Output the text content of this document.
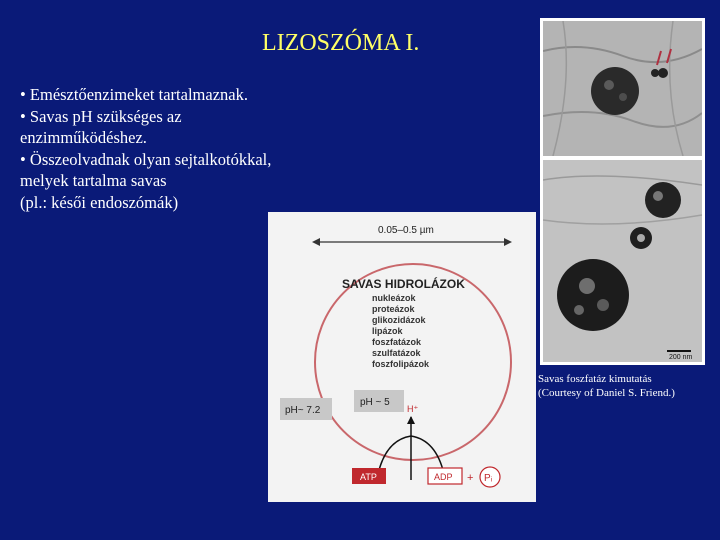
LIZOSZÓMA I.
• Emésztőenzimeket tartalmaznak.
• Savas pH szükséges az
enzimműködéshez.
• Összeolvadnak olyan sejtalkotókkal,
melyek tartalma savas
(pl.: késői endoszómák)
200 nm
Savas foszfatáz kimutatás
(Courtesy of Daniel S. Friend.)
0.05–0.5 µm
SAVAS HIDROLÁZOK
nukleázok
proteázok
glikozidázok
lipázok
foszfatázok
szulfatázok
foszfolipázok
pH ~ 5
pH~ 7.2	H⁺
ATP	ADP + Pᵢ
